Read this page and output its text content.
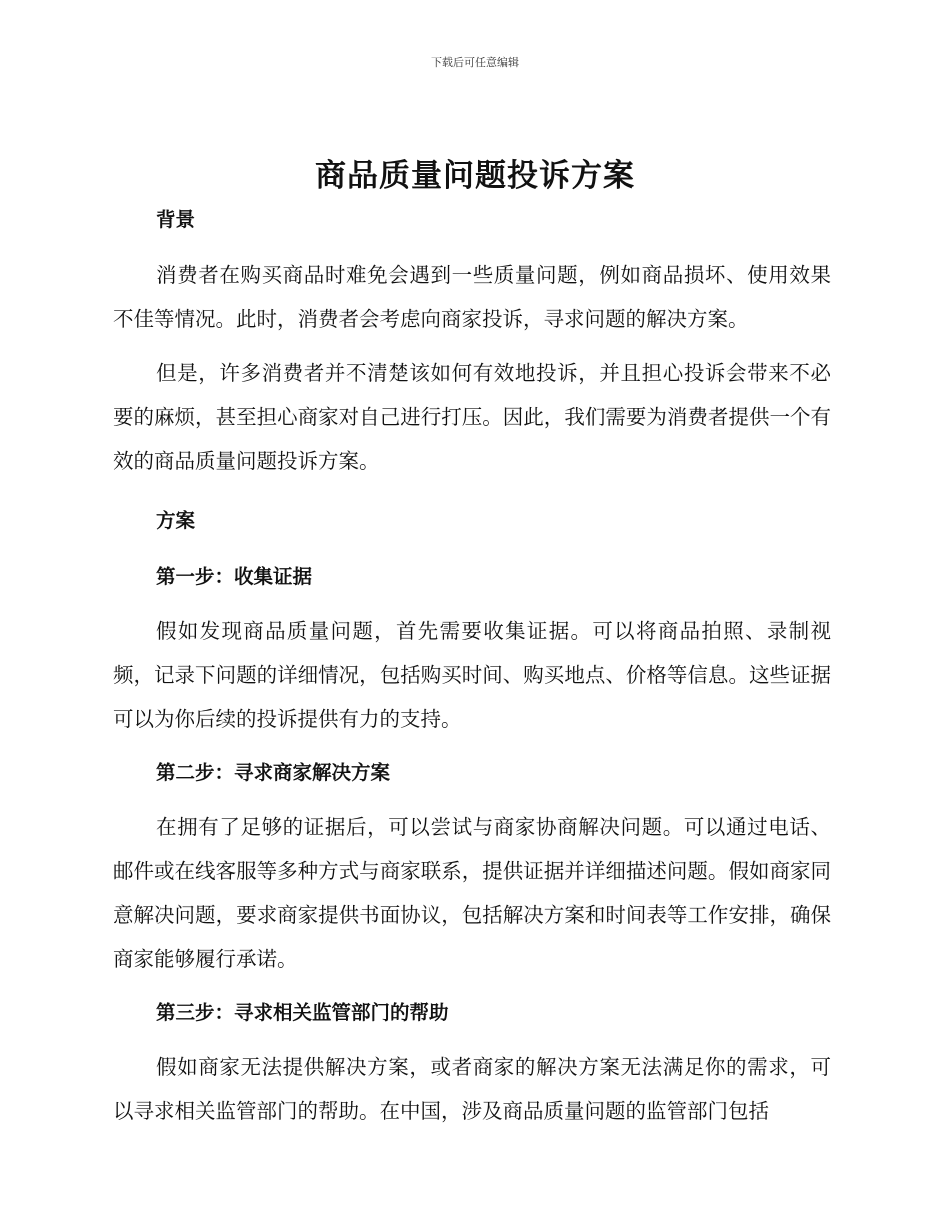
下载后可任意编辑
商品质量问题投诉方案
背景

消费者在购买商品时难免会遇到一些质量问题，例如商品损坏、使用效果不佳等情况。此时，消费者会考虑向商家投诉，寻求问题的解决方案。

但是，许多消费者并不清楚该如何有效地投诉，并且担心投诉会带来不必要的麻烦，甚至担心商家对自己进行打压。因此，我们需要为消费者提供一个有效的商品质量问题投诉方案。

方案
第一步：收集证据

假如发现商品质量问题，首先需要收集证据。可以将商品拍照、录制视频，记录下问题的详细情况，包括购买时间、购买地点、价格等信息。这些证据可以为你后续的投诉提供有力的支持。

第二步：寻求商家解决方案

在拥有了足够的证据后，可以尝试与商家协商解决问题。可以通过电话、邮件或在线客服等多种方式与商家联系，提供证据并详细描述问题。假如商家同意解决问题，要求商家提供书面协议，包括解决方案和时间表等工作安排，确保商家能够履行承诺。

第三步：寻求相关监管部门的帮助

假如商家无法提供解决方案，或者商家的解决方案无法满足你的需求，可以寻求相关监管部门的帮助。在中国，涉及商品质量问题的监管部门包括
